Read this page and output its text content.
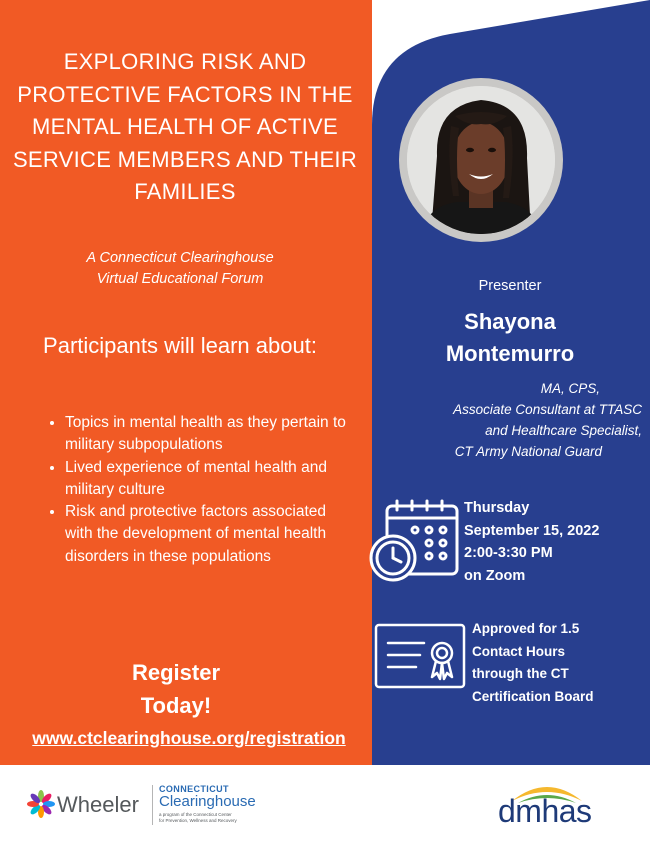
EXPLORING RISK AND PROTECTIVE FACTORS IN THE MENTAL HEALTH OF ACTIVE SERVICE MEMBERS AND THEIR FAMILIES
A Connecticut Clearinghouse
Virtual Educational Forum
Participants will learn about:
• Topics in mental health as they pertain to military subpopulations
• Lived experience of mental health and military culture
• Risk and protective factors associated with the development of mental health disorders in these populations
Register
Today!
www.ctclearinghouse.org/registration
Presenter
Shayona Montemurro
MA, CPS,
Associate Consultant at TTASC
and Healthcare Specialist,
CT Army National Guard
Thursday
September 15, 2022
2:00-3:30 PM
on Zoom
Approved for 1.5
Contact Hours
through the CT
Certification Board
Wheeler
CONNECTICUT
Clearinghouse
a program of the Connecticut Center
for Prevention, Wellness and Recovery	dmhas
